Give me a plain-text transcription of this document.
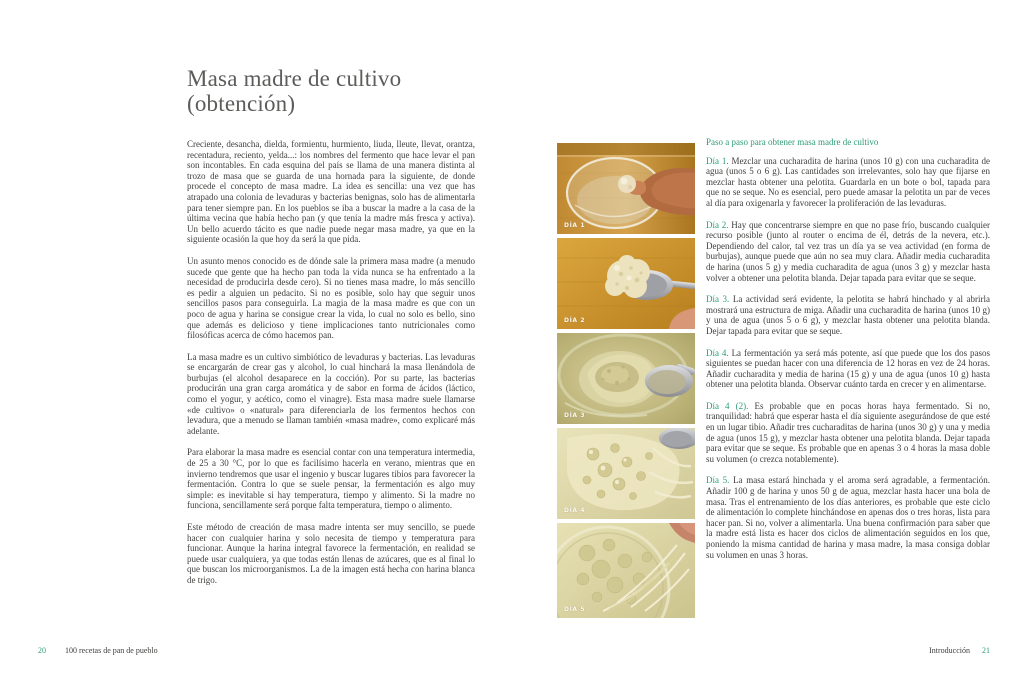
Masa madre de cultivo
(obtención)

Creciente, desancha, dielda, formientu, hurmiento, liuda, lleute, llevat, orantza, recentadura, reciento, yelda...: los nombres del fermento que hace levar el pan son incontables. En cada esquina del país se llama de una manera distinta al trozo de masa que se guarda de una hornada para la siguiente, de donde procede el concepto de masa madre. La idea es sencilla: una vez que has atrapado una colonia de levaduras y bacterias benignas, solo has de alimentarla para tener siempre pan. En los pueblos se iba a buscar la madre a la casa de la última vecina que había hecho pan (y que tenía la madre más fresca y activa). Un bello acuerdo tácito es que nadie puede negar masa madre, ya que en la siguiente ocasión la que hoy da será la que pida.

Un asunto menos conocido es de dónde sale la primera masa madre (a menudo sucede que gente que ha hecho pan toda la vida nunca se ha enfrentado a la necesidad de producirla desde cero). Si no tienes masa madre, lo más sencillo es pedir a alguien un pedacito. Si no es posible, solo hay que seguir unos sencillos pasos para conseguirla. La magia de la masa madre es que con un poco de agua y harina se consigue crear la vida, lo cual no solo es bello, sino que además es delicioso y tiene implicaciones tanto nutricionales como filosóficas acerca de cómo hacemos pan.

La masa madre es un cultivo simbiótico de levaduras y bacterias. Las levaduras se encargarán de crear gas y alcohol, lo cual hinchará la masa llenándola de burbujas (el alcohol desaparece en la cocción). Por su parte, las bacterias producirán una gran carga aromática y de sabor en forma de ácidos (láctico, como el yogur, y acético, como el vinagre). Esta masa madre suele llamarse «de cultivo» o «natural» para diferenciarla de los fermentos hechos con levadura, que a menudo se llaman también «masa madre», como explicaré más adelante.

Para elaborar la masa madre es esencial contar con una temperatura intermedia, de 25 a 30 °C, por lo que es facilísimo hacerla en verano, mientras que en invierno tendremos que usar el ingenio y buscar lugares tibios para favorecer la fermentación. Contra lo que se suele pensar, la fermentación es algo muy simple: es inevitable si hay temperatura, tiempo y alimento. Si la madre no funciona, sencillamente será porque falta temperatura, tiempo o alimento.

Este método de creación de masa madre intenta ser muy sencillo, se puede hacer con cualquier harina y solo necesita de tiempo y temperatura para funcionar. Aunque la harina integral favorece la fermentación, en realidad se puede usar cualquiera, ya que todas están llenas de azúcares, que es al final lo que buscan los microorganismos. La de la imagen está hecha con harina blanca de trigo.

DÍA 1
DÍA 2
DÍA 3
DÍA 4
DÍA 5
Paso a paso para obtener masa madre de cultivo

Día 1. Mezclar una cucharadita de harina (unos 10 g) con una cucharadita de agua (unos 5 o 6 g). Las cantidades son irrelevantes, solo hay que fijarse en mezclar hasta obtener una pelotita. Guardarla en un bote o bol, tapada para que no se seque. No es esencial, pero puede amasar la pelotita un par de veces al día para oxigenarla y favorecer la proliferación de las levaduras.

Día 2. Hay que concentrarse siempre en que no pase frío, buscando cualquier recurso posible (junto al router o encima de él, detrás de la nevera, etc.). Dependiendo del calor, tal vez tras un día ya se vea actividad (en forma de burbujas), aunque puede que aún no sea muy clara. Añadir media cucharadita de harina (unos 5 g) y media cucharadita de agua (unos 3 g) y mezclar hasta volver a obtener una pelotita blanda. Dejar tapada para evitar que se seque.

Día 3. La actividad será evidente, la pelotita se habrá hinchado y al abrirla mostrará una estructura de miga. Añadir una cucharadita de harina (unos 10 g) y una de agua (unos 5 o 6 g), y mezclar hasta obtener una pelotita blanda. Dejar tapada para evitar que se seque.

Día 4. La fermentación ya será más potente, así que puede que los dos pasos siguientes se puedan hacer con una diferencia de 12 horas en vez de 24 horas. Añadir cucharadita y media de harina (15 g) y una de agua (unos 10 g) hasta obtener una pelotita blanda. Observar cuánto tarda en crecer y en alimentarse.

Día 4 (2). Es probable que en pocas horas haya fermentado. Si no, tranquilidad: habrá que esperar hasta el día siguiente asegurándose de que esté en un lugar tibio. Añadir tres cucharaditas de harina (unos 30 g) y una y media de agua (unos 15 g), y mezclar hasta obtener una pelotita blanda. Dejar tapada para evitar que se seque. Es probable que en apenas 3 o 4 horas la masa doble su volumen (o crezca notablemente).

Día 5. La masa estará hinchada y el aroma será agradable, a fermentación. Añadir 100 g de harina y unos 50 g de agua, mezclar hasta hacer una bola de masa. Tras el entrenamiento de los días anteriores, es probable que este ciclo de alimentación lo complete hinchándose en apenas dos o tres horas, lista para hacer pan. Si no, volver a alimentarla. Una buena confirmación para saber que la madre está lista es hacer dos ciclos de alimentación seguidos en los que, poniendo la misma cantidad de harina y masa madre, la masa consiga doblar su volumen en unas 3 horas.

20 100 recetas de pan de pueblo	Introducción 21
